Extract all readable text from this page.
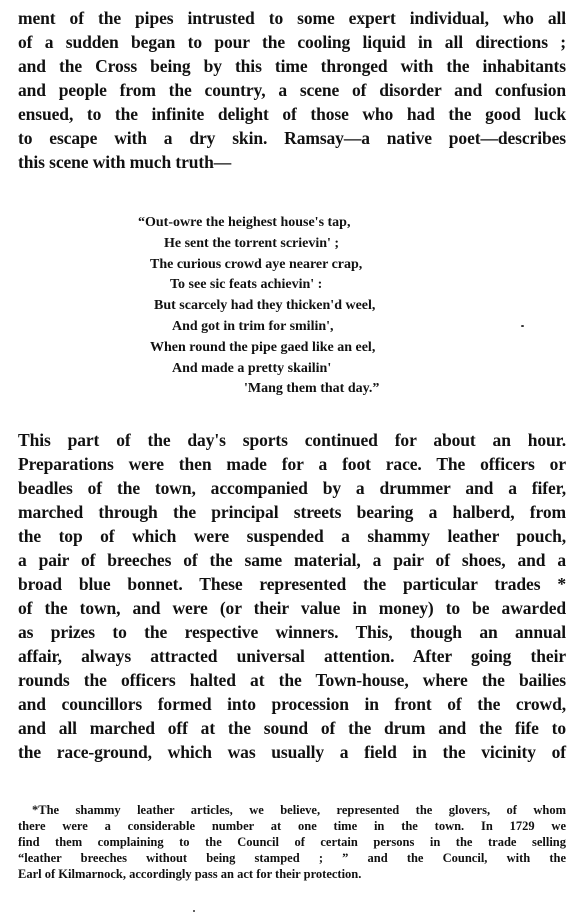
ment of the pipes intrusted to some expert individual, who all
of a sudden began to pour the cooling liquid in all directions ;
and the Cross being by this time thronged with the inhabitants
and people from the country, a scene of disorder and confusion
ensued, to the infinite delight of those who had the good luck
to escape with a dry skin. Ramsay—a native poet—describes
this scene with much truth—

“Out-owre the heighest house's tap,
He sent the torrent scrievin' ;
The curious crowd aye nearer crap,
To see sic feats achievin' :
But scarcely had they thicken'd weel,
And got in trim for smilin',
When round the pipe gaed like an eel,
And made a pretty skailin'
'Mang them that day.”

This part of the day's sports continued for about an hour.
Preparations were then made for a foot race. The officers or
beadles of the town, accompanied by a drummer and a fifer,
marched through the principal streets bearing a halberd, from
the top of which were suspended a shammy leather pouch,
a pair of breeches of the same material, a pair of shoes, and a
broad blue bonnet. These represented the particular trades *
of the town, and were (or their value in money) to be awarded
as prizes to the respective winners. This, though an annual
affair, always attracted universal attention. After going their
rounds the officers halted at the Town-house, where the bailies
and councillors formed into procession in front of the crowd,
and all marched off at the sound of the drum and the fife to
the race-ground, which was usually a field in the vicinity of

*The shammy leather articles, we believe, represented the glovers, of whom
there were a considerable number at one time in the town. In 1729 we
find them complaining to the Council of certain persons in the trade selling
“leather breeches without being stamped ; ” and the Council, with the
Earl of Kilmarnock, accordingly pass an act for their protection.
